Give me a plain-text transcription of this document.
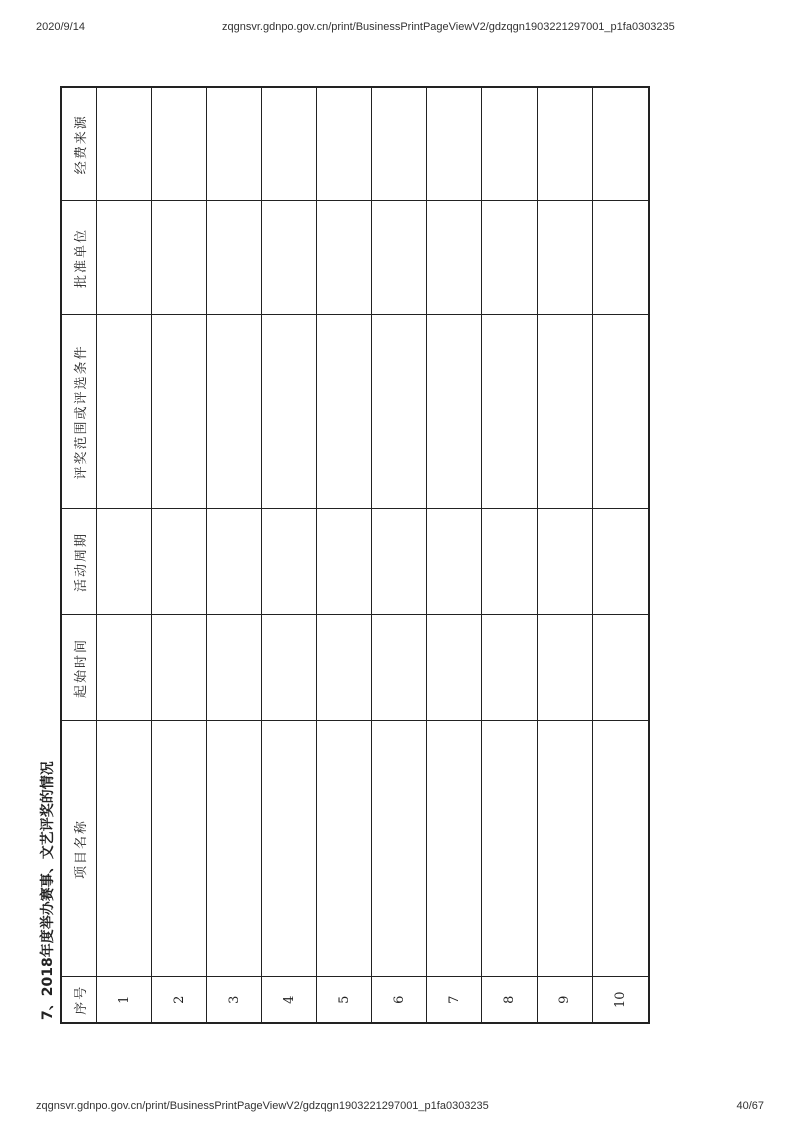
2020/9/14	zqgnsvr.gdnpo.gov.cn/print/BusinessPrintPageViewV2/gdzqgn1903221297001_p1fa0303235
7、2018年度举办赛事、文艺评奖的情况	序号	项目名称	起始时间	活动周期	评奖范围或评选条件	批准单位	经费来源
1						
2						
3						
4						
5						
6						
7						
8						
9						
10						
zqgnsvr.gdnpo.gov.cn/print/BusinessPrintPageViewV2/gdzqgn1903221297001_p1fa0303235	40/67
